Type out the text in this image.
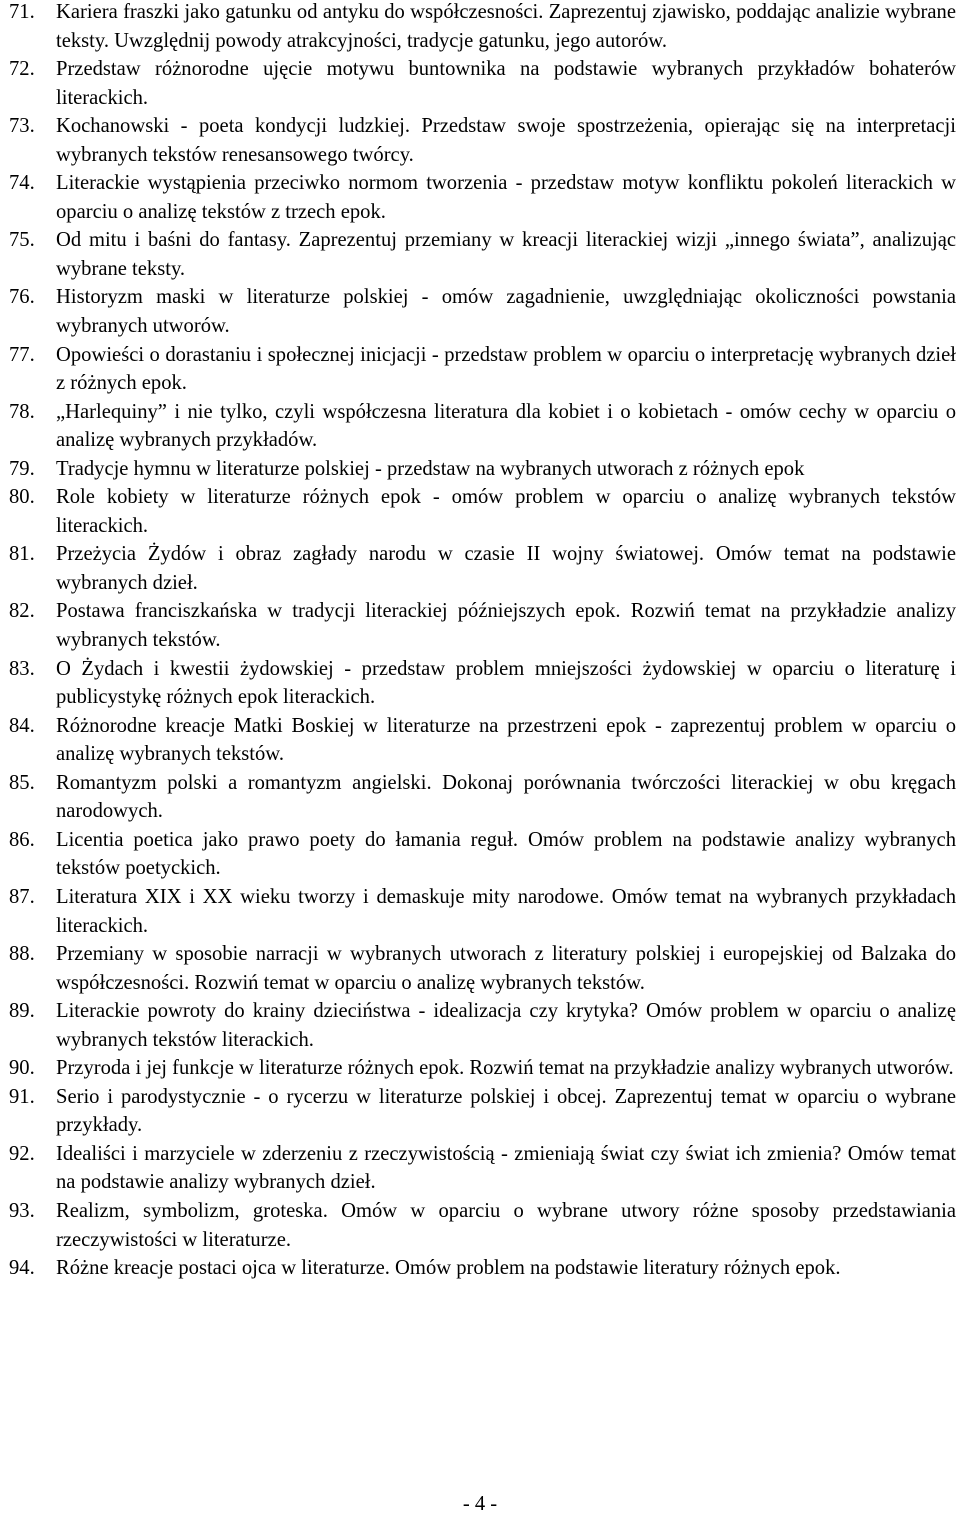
71.	Kariera fraszki jako gatunku od antyku do współczesności. Zaprezentuj zjawisko, poddając analizie wybrane teksty. Uwzględnij powody atrakcyjności, tradycje gatunku, jego autorów.
72.	Przedstaw różnorodne ujęcie motywu buntownika na podstawie wybranych przykładów bohaterów literackich.
73.	Kochanowski - poeta kondycji ludzkiej. Przedstaw swoje spostrzeżenia, opierając się na interpretacji wybranych tekstów renesansowego twórcy.
74.	Literackie wystąpienia przeciwko normom tworzenia - przedstaw motyw konfliktu pokoleń literackich w oparciu o analizę tekstów z trzech epok.
75.	Od mitu i baśni do fantasy. Zaprezentuj przemiany w kreacji literackiej wizji „innego świata”, analizując wybrane teksty.
76.	Historyzm maski w literaturze polskiej - omów zagadnienie, uwzględniając okoliczności powstania wybranych utworów.
77.	Opowieści o dorastaniu i społecznej inicjacji - przedstaw problem w oparciu o interpretację wybranych dzieł z różnych epok.
78.	„Harlequiny” i nie tylko, czyli współczesna literatura dla kobiet i o kobietach - omów cechy w oparciu o analizę wybranych przykładów.
79.	Tradycje hymnu w literaturze polskiej - przedstaw na wybranych utworach z różnych epok
80.	Role kobiety w literaturze różnych epok - omów problem w oparciu o analizę wybranych tekstów literackich.
81.	Przeżycia Żydów i obraz zagłady narodu w czasie II wojny światowej. Omów temat na podstawie wybranych dzieł.
82.	Postawa franciszkańska w tradycji literackiej późniejszych epok. Rozwiń temat na przykładzie analizy wybranych tekstów.
83.	O Żydach i kwestii żydowskiej - przedstaw problem mniejszości żydowskiej w oparciu o literaturę i publicystykę różnych epok literackich.
84.	Różnorodne kreacje Matki Boskiej w literaturze na przestrzeni epok - zaprezentuj problem w oparciu o analizę wybranych tekstów.
85.	Romantyzm polski a romantyzm angielski. Dokonaj porównania twórczości literackiej w obu kręgach narodowych.
86.	Licentia poetica jako prawo poety do łamania reguł. Omów problem na podstawie analizy wybranych tekstów poetyckich.
87.	Literatura XIX i XX wieku tworzy i demaskuje mity narodowe. Omów temat na wybranych przykładach literackich.
88.	Przemiany w sposobie narracji w wybranych utworach z literatury polskiej i europejskiej od Balzaka do współczesności. Rozwiń temat w oparciu o analizę wybranych tekstów.
89.	Literackie powroty do krainy dzieciństwa - idealizacja czy krytyka? Omów problem w oparciu o analizę wybranych tekstów literackich.
90.	Przyroda i jej funkcje w literaturze różnych epok. Rozwiń temat na przykładzie analizy wybranych utworów.
91.	Serio i parodystycznie - o rycerzu w literaturze polskiej i obcej. Zaprezentuj temat w oparciu o wybrane przykłady.
92.	Idealiści i marzyciele w zderzeniu z rzeczywistością - zmieniają świat czy świat ich zmienia? Omów temat na podstawie analizy wybranych dzieł.
93.	Realizm, symbolizm, groteska. Omów w oparciu o wybrane utwory różne sposoby przedstawiania rzeczywistości w literaturze.
94.	Różne kreacje postaci ojca w literaturze. Omów problem na podstawie literatury różnych epok.
- 4 -
